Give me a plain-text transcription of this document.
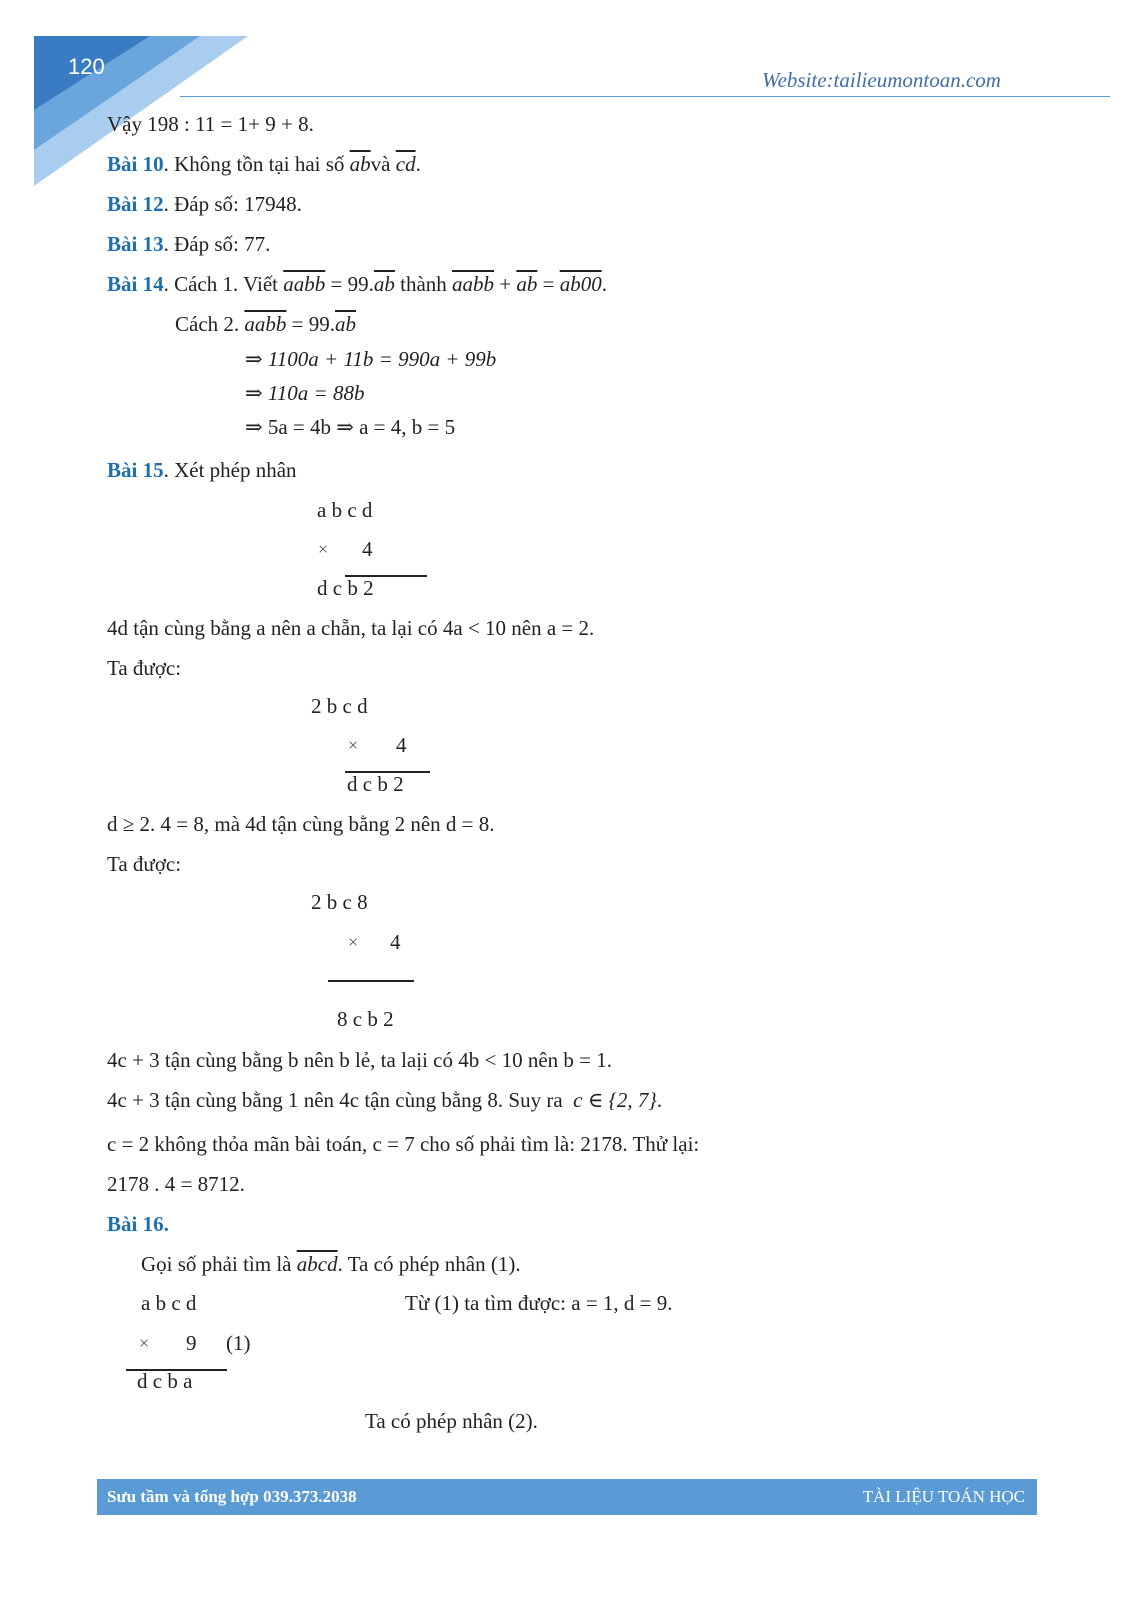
120
Website:tailieumontoan.com
Vậy 198 : 11 = 1+ 9 + 8.
Bài 10. Không tồn tại hai số $\overline{ab}và$ $\overline{cd}$.
Bài 12. Đáp số: 17948.
Bài 13. Đáp số: 77.
Bài 14. Cách 1. Viết aabb = $99.\overline{ab}$ thành aabb + $\overline{ab} = ab00$.
Cách 2. aabb = $99.\overline{ab}$
⇒ 1100a + 11b = 990a + 99b
⇒ 110a = 88b
⇒ 5a = 4b ⇒ a = 4, b = 5
Bài 15. Xét phép nhân
a b c d
× 4
d c b 2
4d tận cùng bằng a nên a chẵn, ta lại có 4a < 10 nên a = 2.
Ta được:
2 b c d
× 4
d c b 2
d ≥ 2. 4 = 8, mà 4d tận cùng bằng 2 nên d = 8.
Ta được:
2 b c 8
× 4
8 c b 2
4c + 3 tận cùng bằng b nên b lẻ, ta laịi có 4b < 10 nên b = 1.
4c + 3 tận cùng bằng 1 nên 4c tận cùng bằng 8. Suy ra c ∈ {2, 7}.
c = 2 không thỏa mãn bài toán, c = 7 cho số phải tìm là: 2178. Thử lại:
2178 . 4 = 8712.
Bài 16.
Gọi số phải tìm là abcd. Ta có phép nhân (1).
a b c d	Từ (1) ta tìm được: a = 1, d = 9.
× 9 (1)
d c b a
Ta có phép nhân (2).
Sưu tầm và tổng hợp 039.373.2038	TÀI LIỆU TOÁN HỌC
